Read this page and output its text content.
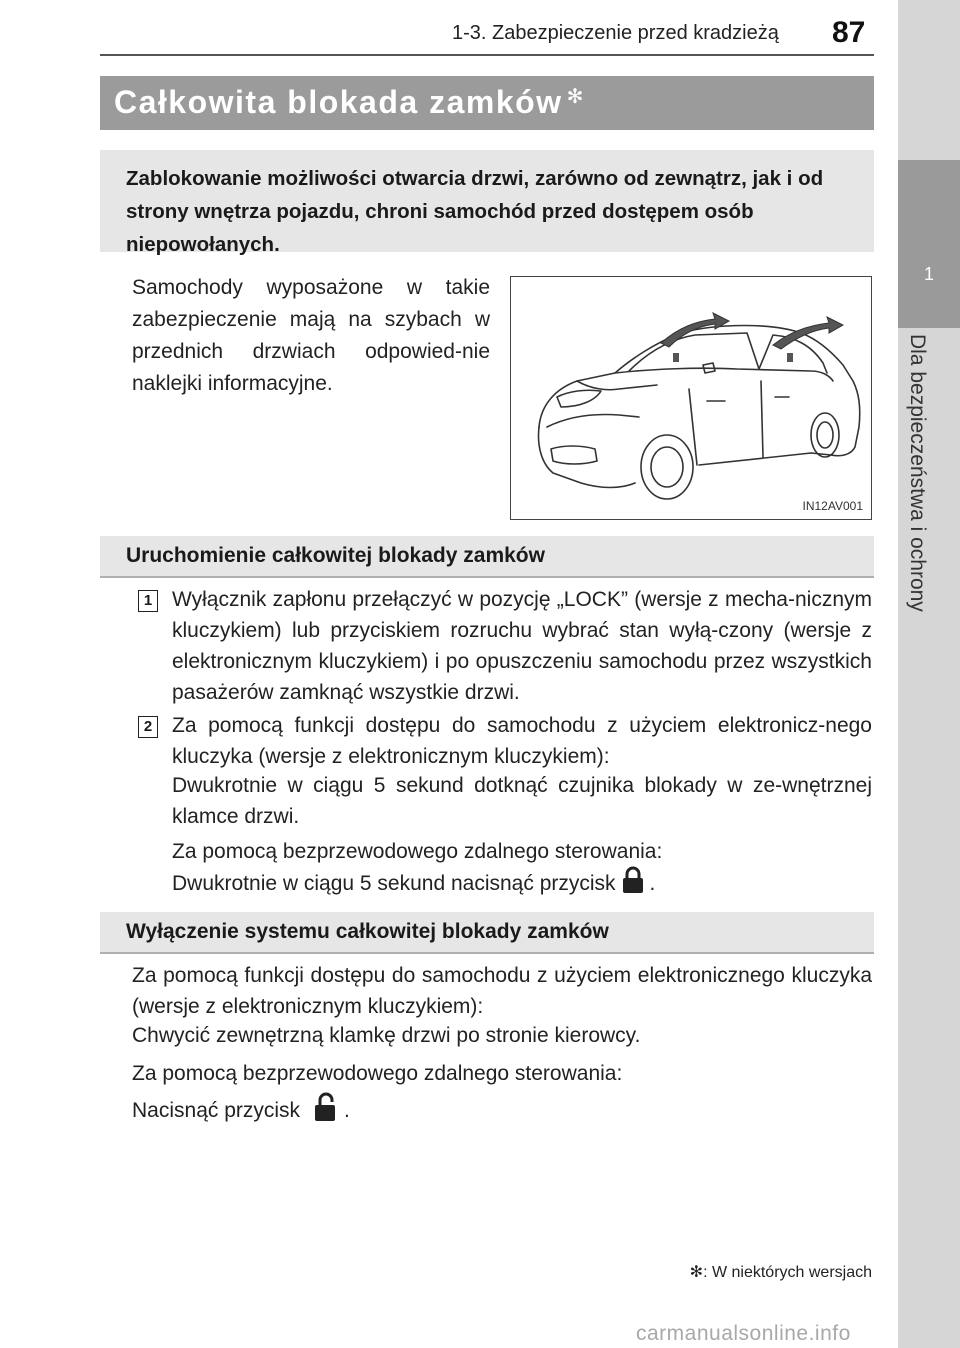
1-3. Zabezpieczenie przed kradzieżą 87
1
Dla bezpieczeństwa i ochrony
Całkowita blokada zamków ✻
Zablokowanie możliwości otwarcia drzwi, zarówno od zewnątrz, jak i od strony wnętrza pojazdu, chroni samochód przed dostępem osób niepowołanych.
Samochody wyposażone w takie zabezpieczenie mają na szybach w przednich drzwiach odpowied-nie naklejki informacyjne.
IN12AV001
Uruchomienie całkowitej blokady zamków
1 Wyłącznik zapłonu przełączyć w pozycję „LOCK” (wersje z mecha-nicznym kluczykiem) lub przyciskiem rozruchu wybrać stan wyłą-czony (wersje z elektronicznym kluczykiem) i po opuszczeniu samochodu przez wszystkich pasażerów zamknąć wszystkie drzwi.
2 Za pomocą funkcji dostępu do samochodu z użyciem elektronicz-nego kluczyka (wersje z elektronicznym kluczykiem):
Dwukrotnie w ciągu 5 sekund dotknąć czujnika blokady w ze-wnętrznej klamce drzwi.
Za pomocą bezprzewodowego zdalnego sterowania:
Dwukrotnie w ciągu 5 sekund nacisnąć przycisk .
Wyłączenie systemu całkowitej blokady zamków
Za pomocą funkcji dostępu do samochodu z użyciem elektronicznego kluczyka (wersje z elektronicznym kluczykiem):
Chwycić zewnętrzną klamkę drzwi po stronie kierowcy.
Za pomocą bezprzewodowego zdalnego sterowania:
Nacisnąć przycisk .
✻: W niektórych wersjach
carmanualsonline.info
